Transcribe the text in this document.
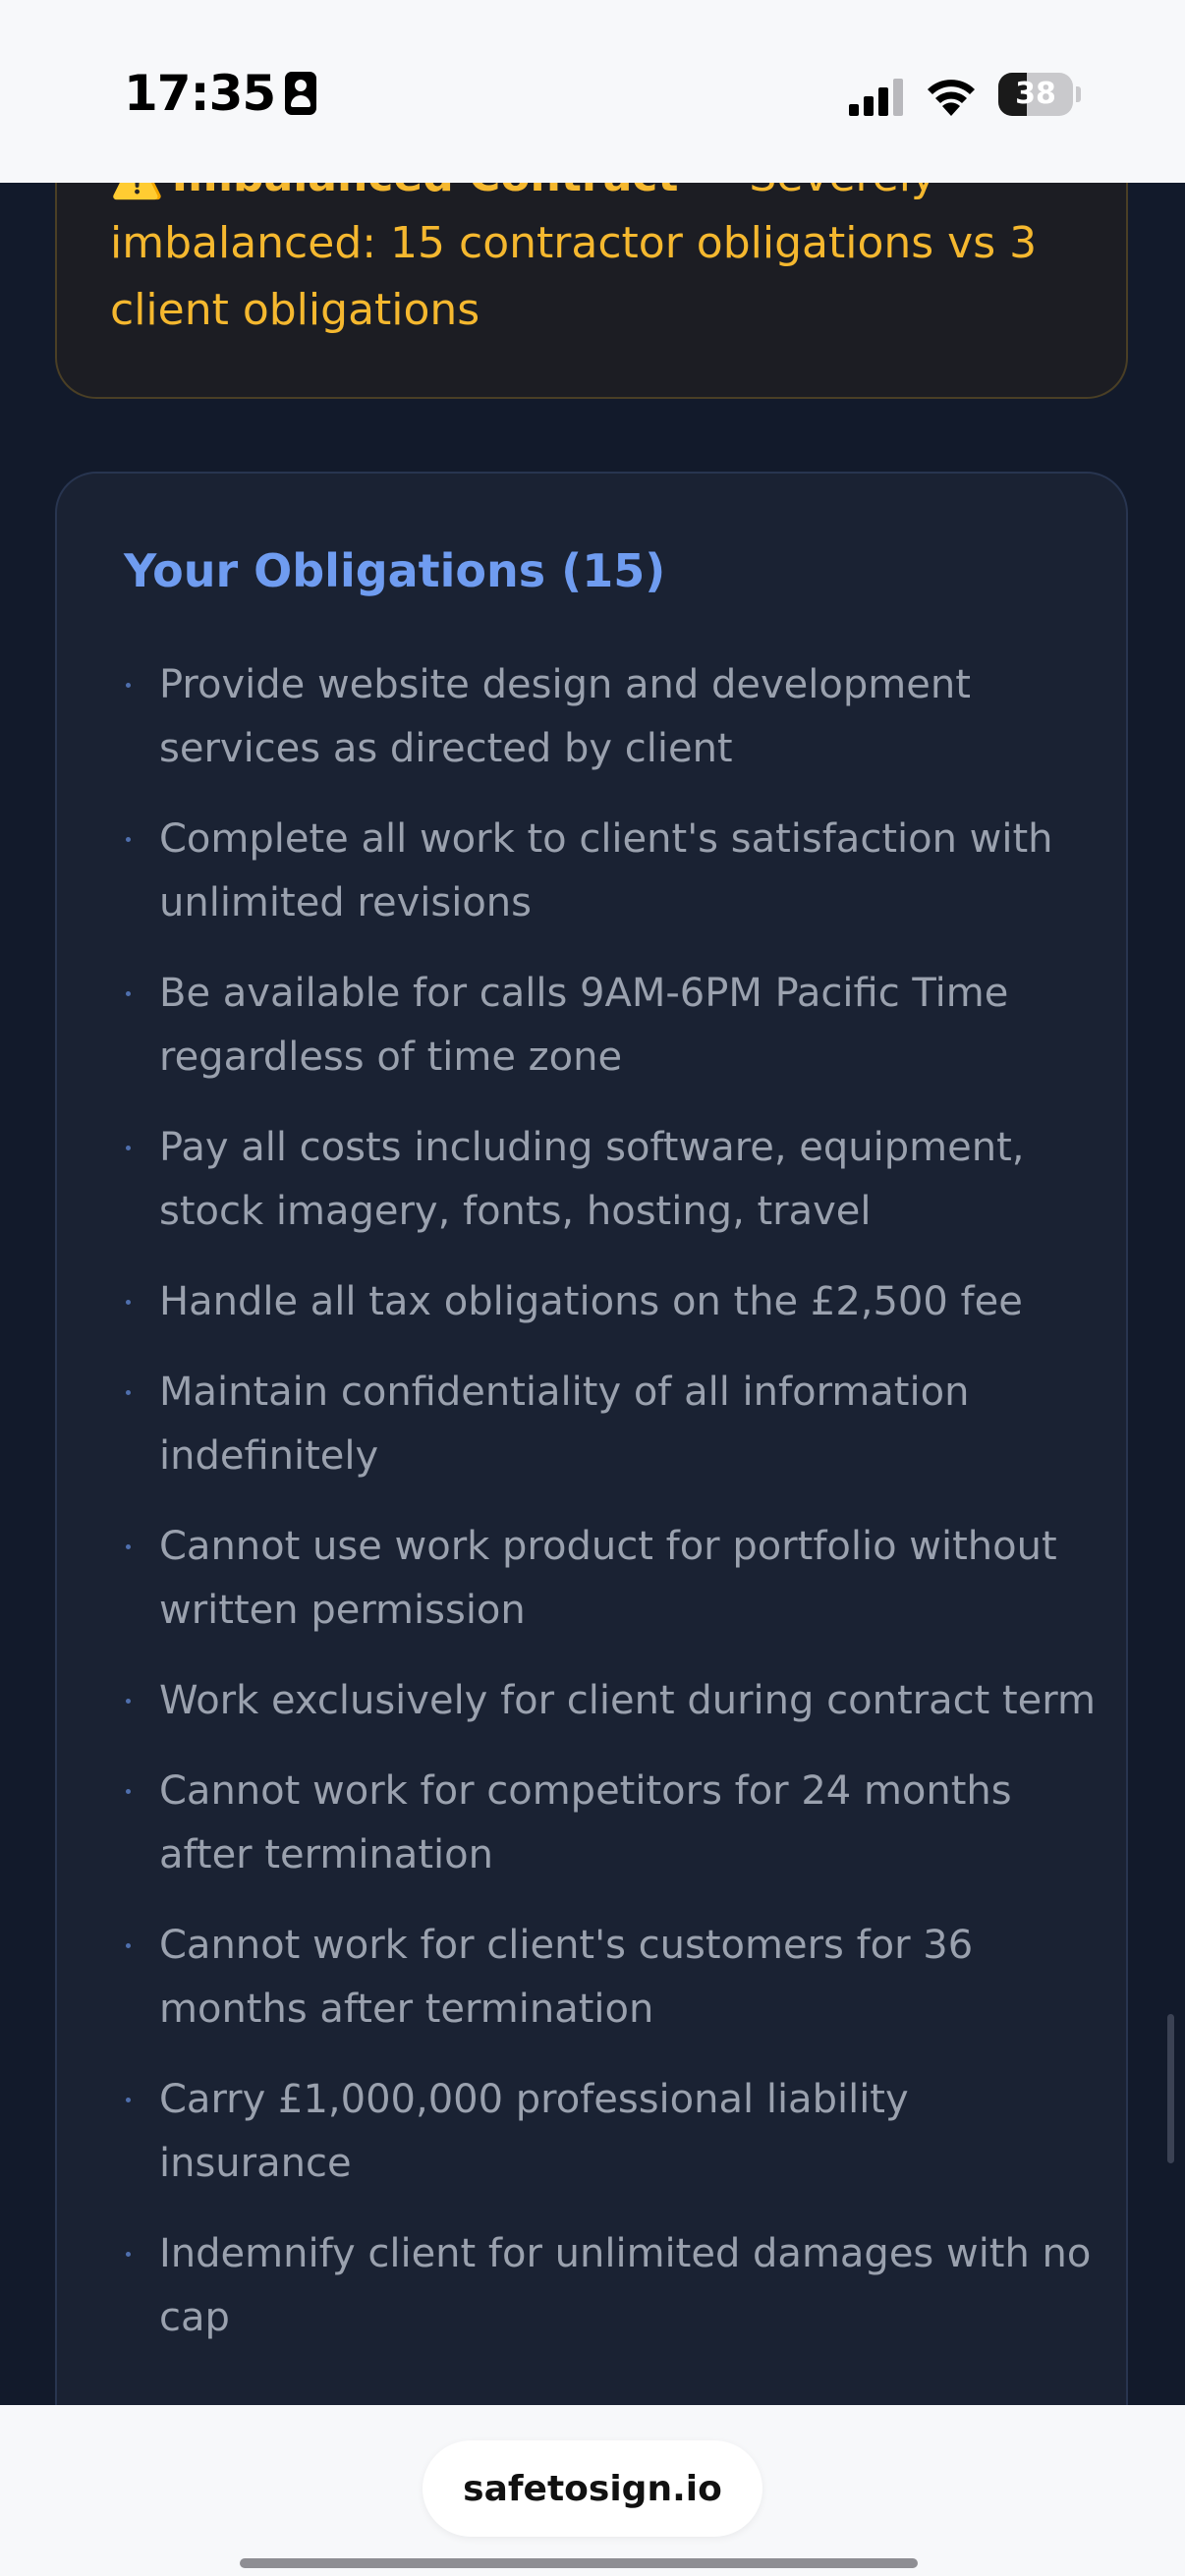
imbalanced: 15 contractor obligations vs 3 client obligations
Your Obligations (15)
Provide website design and development services as directed by client
Complete all work to client's satisfaction with unlimited revisions
Be available for calls 9AM-6PM Pacific Time regardless of time zone
Pay all costs including software, equipment, stock imagery, fonts, hosting, travel
Handle all tax obligations on the £2,500 fee
Maintain confidentiality of all information indefinitely
Cannot use work product for portfolio without written permission
Work exclusively for client during contract term
Cannot work for competitors for 24 months after termination
Cannot work for client's customers for 36 months after termination
Carry £1,000,000 professional liability insurance
Indemnify client for unlimited damages with no cap
17:35	38
safetosign.io
